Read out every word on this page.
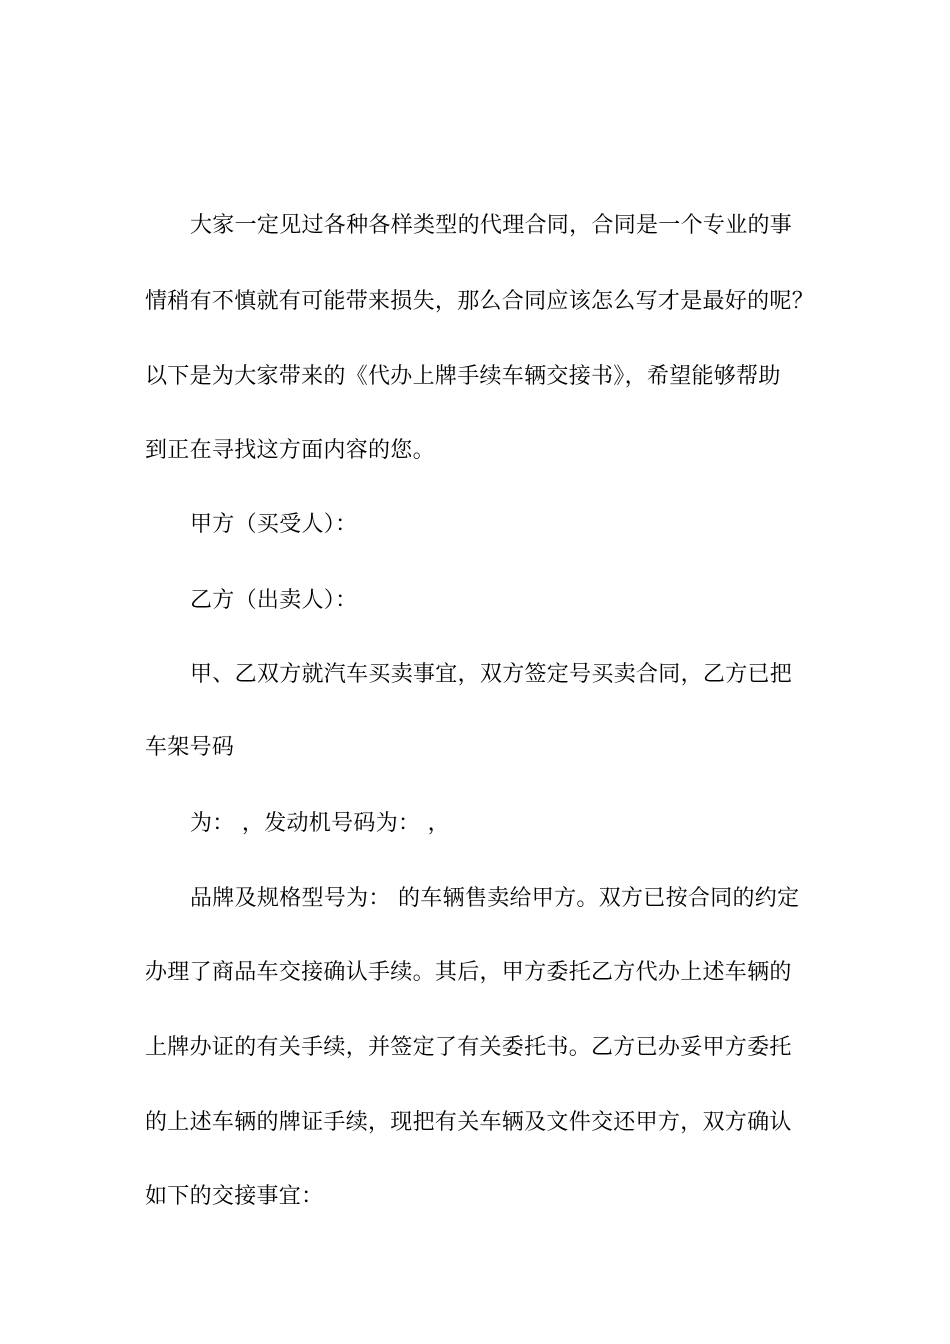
大家一定见过各种各样类型的代理合同，合同是一个专业的事

情稍有不慎就有可能带来损失，那么合同应该怎么写才是最好的呢？

以下是为大家带来的《代办上牌手续车辆交接书》，希望能够帮助

到正在寻找这方面内容的您。

甲方（买受人）：

乙方（出卖人）：

甲、乙双方就汽车买卖事宜，双方签定号买卖合同，乙方已把

车架号码

为： ，发动机号码为： ，

品牌及规格型号为： 的车辆售卖给甲方。双方已按合同的约定

办理了商品车交接确认手续。其后，甲方委托乙方代办上述车辆的

上牌办证的有关手续，并签定了有关委托书。乙方已办妥甲方委托

的上述车辆的牌证手续，现把有关车辆及文件交还甲方，双方确认

如下的交接事宜：
